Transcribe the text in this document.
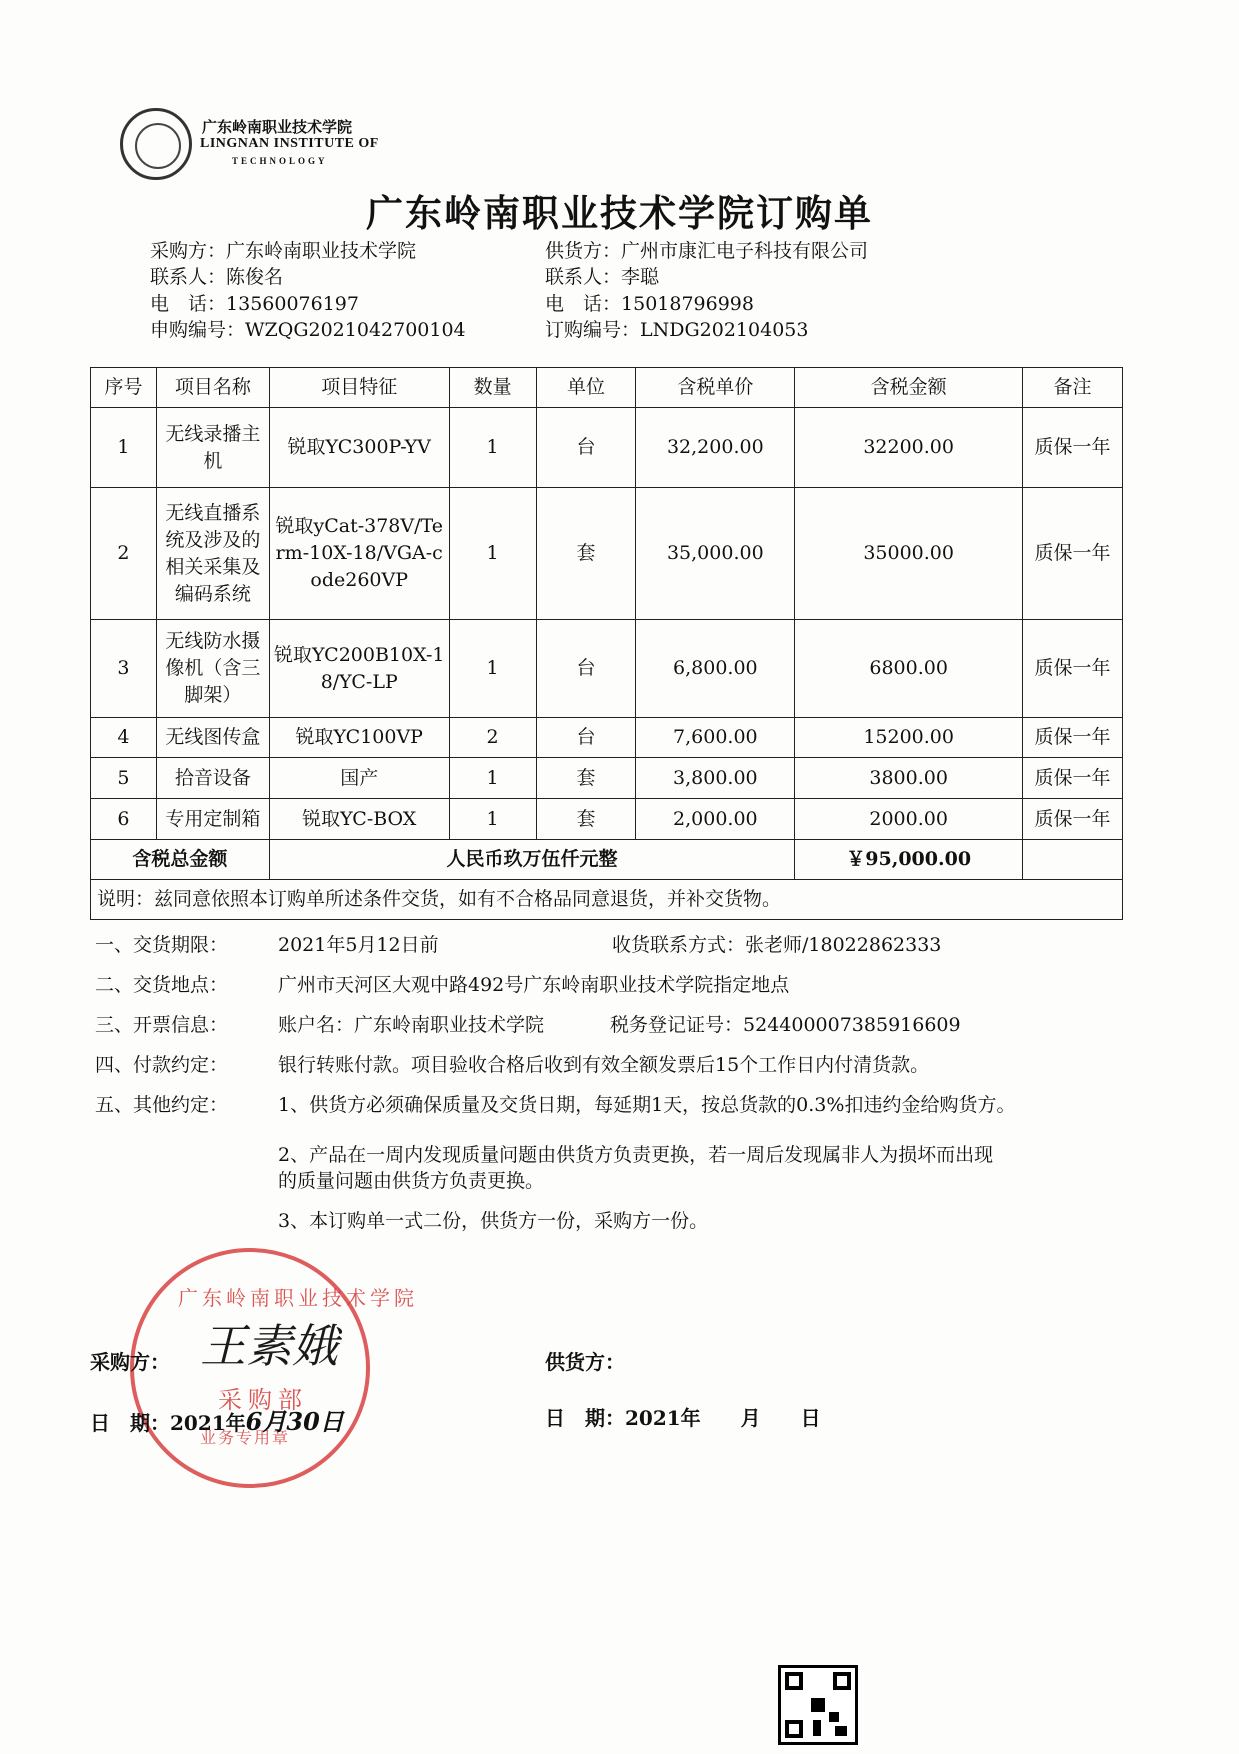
广东岭南职业技术学院
LINGNAN INSTITUTE OF
TECHNOLOGY
广东岭南职业技术学院订购单
采购方：广东岭南职业技术学院
联系人：陈俊名
电　话：13560076197
申购编号：WZQG2021042700104
供货方：广州市康汇电子科技有限公司
联系人：李聪
电　话：15018796998
订购编号：LNDG202104053
序号	项目名称	项目特征	数量	单位	含税单价	含税金额	备注
1	无线录播主机	锐取YC300P-YV	1	台	32,200.00	32200.00	质保一年
2	无线直播系统及涉及的相关采集及编码系统	锐取yCat-378V/Term-10X-18/VGA-code260VP	1	套	35,000.00	35000.00	质保一年
3	无线防水摄像机（含三脚架）	锐取YC200B10X-18/YC-LP	1	台	6,800.00	6800.00	质保一年
4	无线图传盒	锐取YC100VP	2	台	7,600.00	15200.00	质保一年
5	拾音设备	国产	1	套	3,800.00	3800.00	质保一年
6	专用定制箱	锐取YC-BOX	1	套	2,000.00	2000.00	质保一年
含税总金额		人民币玖万伍仟元整				￥95,000.00	
说明：兹同意依照本订购单所述条件交货，如有不合格品同意退货，并补交货物。							
一、交货期限：	2021年5月12日前	收货联系方式：张老师/18022862333
二、交货地点：	广州市天河区大观中路492号广东岭南职业技术学院指定地点
三、开票信息：	账户名：广东岭南职业技术学院	税务登记证号：524400007385916609
四、付款约定：	银行转账付款。项目验收合格后收到有效全额发票后15个工作日内付清货款。
五、其他约定：	1、供货方必须确保质量及交货日期，每延期1天，按总货款的0.3%扣违约金给购货方。
2、产品在一周内发现质量问题由供货方负责更换，若一周后发现属非人为损坏而出现
的质量问题由供货方负责更换。
3、本订购单一式二份，供货方一份，采购方一份。
广东岭南职业技术学院
采购部
业务专用章
采购方： 王素娥
日　期：2021年6月30日
供货方：
日　期：2021年　　月　　日
